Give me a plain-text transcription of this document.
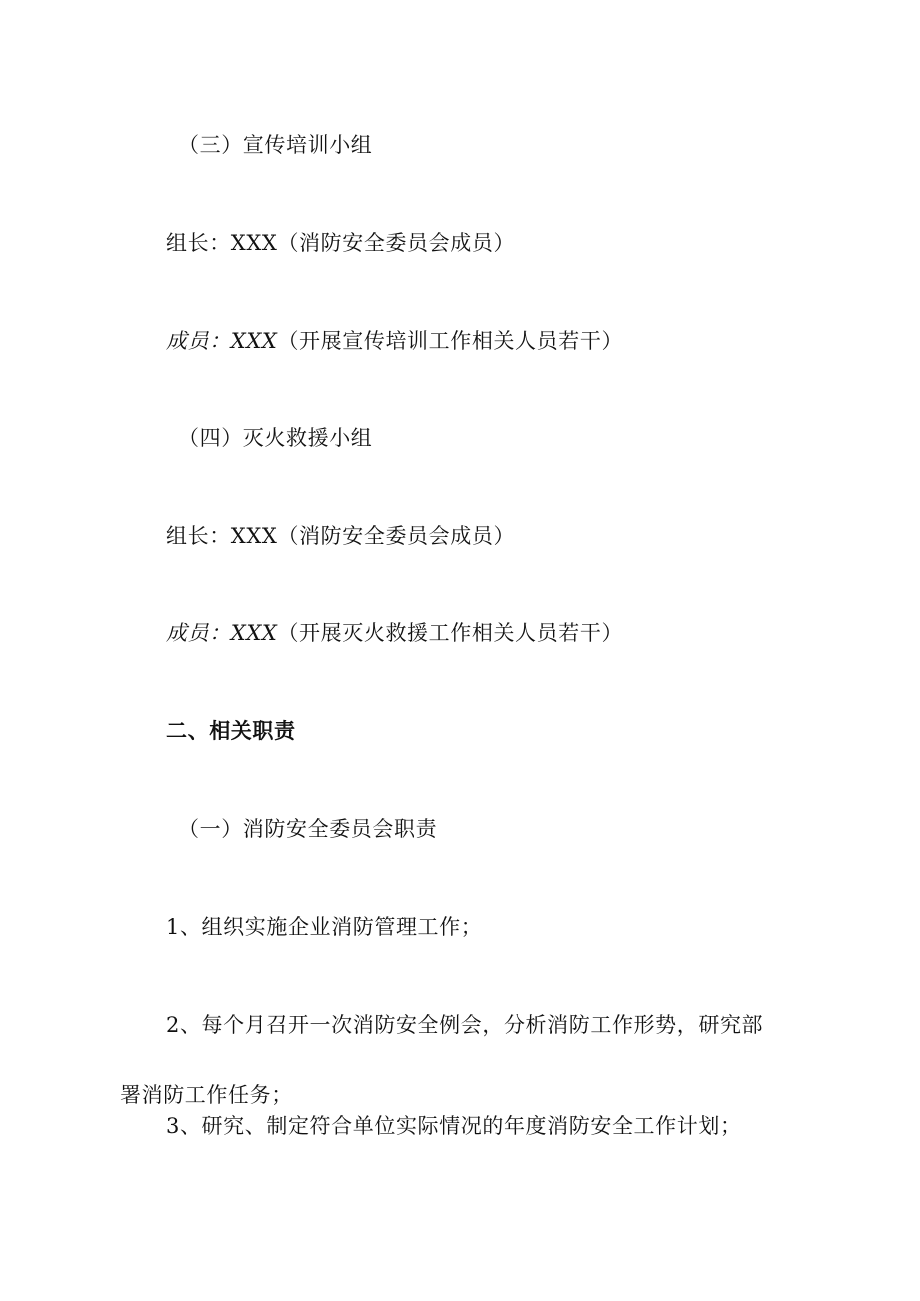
（三）宣传培训小组
组长：XXX（消防安全委员会成员）
成员：XXX（开展宣传培训工作相关人员若干）
（四）灭火救援小组
组长：XXX（消防安全委员会成员）
成员：XXX（开展灭火救援工作相关人员若干）
二、相关职责
（一）消防安全委员会职责
1、组织实施企业消防管理工作；
2、每个月召开一次消防安全例会，分析消防工作形势，研究部
署消防工作任务；
3、研究、制定符合单位实际情况的年度消防安全工作计划；
